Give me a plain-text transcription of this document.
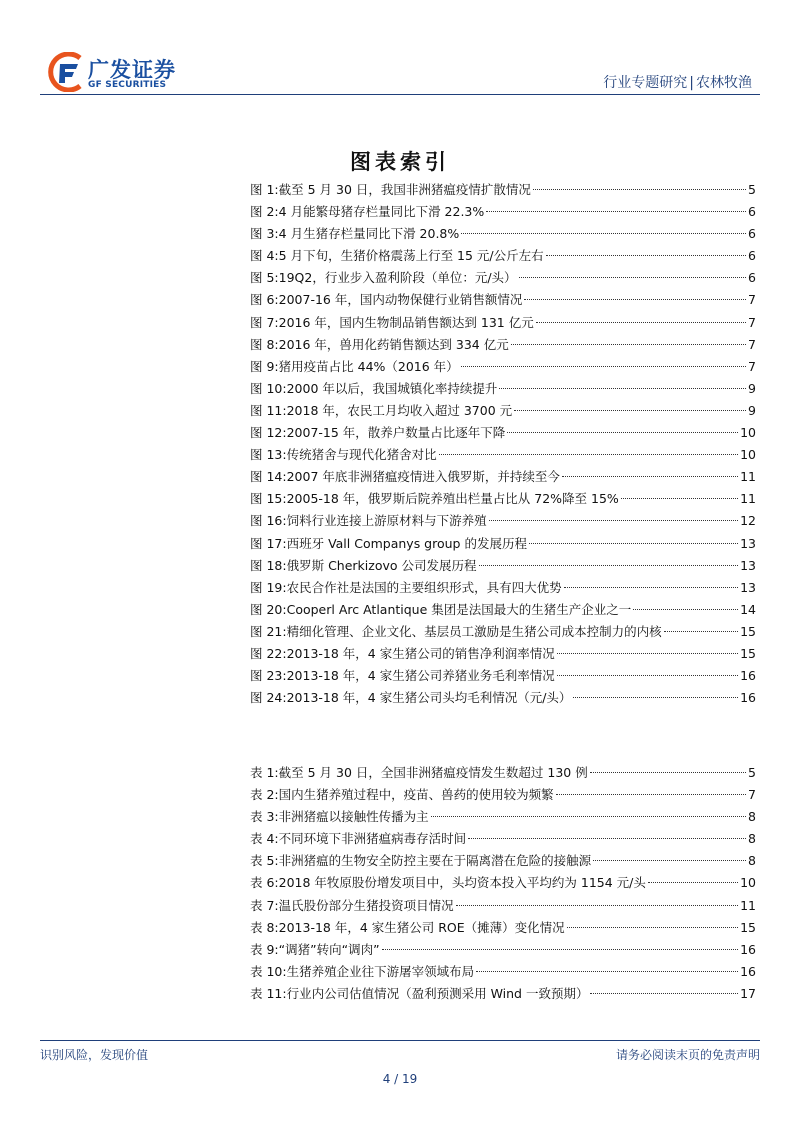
广发证券
GF SECURITIES	行业专题研究 | 农林牧渔
图表索引
图 1: 截至 5 月 30 日，我国非洲猪瘟疫情扩散情况	5
图 2: 4 月能繁母猪存栏量同比下滑 22.3%	6
图 3: 4 月生猪存栏量同比下滑 20.8%	6
图 4: 5 月下旬，生猪价格震荡上行至 15 元/公斤左右	6
图 5: 19Q2，行业步入盈利阶段（单位：元/头）	6
图 6: 2007-16 年，国内动物保健行业销售额情况	7
图 7: 2016 年，国内生物制品销售额达到 131 亿元	7
图 8: 2016 年，兽用化药销售额达到 334 亿元	7
图 9: 猪用疫苗占比 44%（2016 年）	7
图 10: 2000 年以后，我国城镇化率持续提升	9
图 11: 2018 年，农民工月均收入超过 3700 元	9
图 12: 2007-15 年，散养户数量占比逐年下降	10
图 13: 传统猪舍与现代化猪舍对比	10
图 14: 2007 年底非洲猪瘟疫情进入俄罗斯，并持续至今	11
图 15: 2005-18 年，俄罗斯后院养殖出栏量占比从 72%降至 15%	11
图 16: 饲料行业连接上游原材料与下游养殖	12
图 17: 西班牙 Vall Companys group 的发展历程	13
图 18: 俄罗斯 Cherkizovo 公司发展历程	13
图 19: 农民合作社是法国的主要组织形式，具有四大优势	13
图 20: Cooperl Arc Atlantique 集团是法国最大的生猪生产企业之一	14
图 21: 精细化管理、企业文化、基层员工激励是生猪公司成本控制力的内核	15
图 22: 2013-18 年，4 家生猪公司的销售净利润率情况	15
图 23: 2013-18 年，4 家生猪公司养猪业务毛利率情况	16
图 24: 2013-18 年，4 家生猪公司头均毛利情况（元/头）	16
表 1: 截至 5 月 30 日，全国非洲猪瘟疫情发生数超过 130 例	5
表 2: 国内生猪养殖过程中，疫苗、兽药的使用较为频繁	7
表 3: 非洲猪瘟以接触性传播为主	8
表 4: 不同环境下非洲猪瘟病毒存活时间	8
表 5: 非洲猪瘟的生物安全防控主要在于隔离潜在危险的接触源	8
表 6: 2018 年牧原股份增发项目中，头均资本投入平均约为 1154 元/头	10
表 7: 温氏股份部分生猪投资项目情况	11
表 8: 2013-18 年，4 家生猪公司 ROE（摊薄）变化情况	15
表 9: “调猪”转向“调肉”	16
表 10: 生猪养殖企业往下游屠宰领域布局	16
表 11: 行业内公司估值情况（盈利预测采用 Wind 一致预期）	17
识别风险，发现价值	请务必阅读末页的免责声明
4 / 19
